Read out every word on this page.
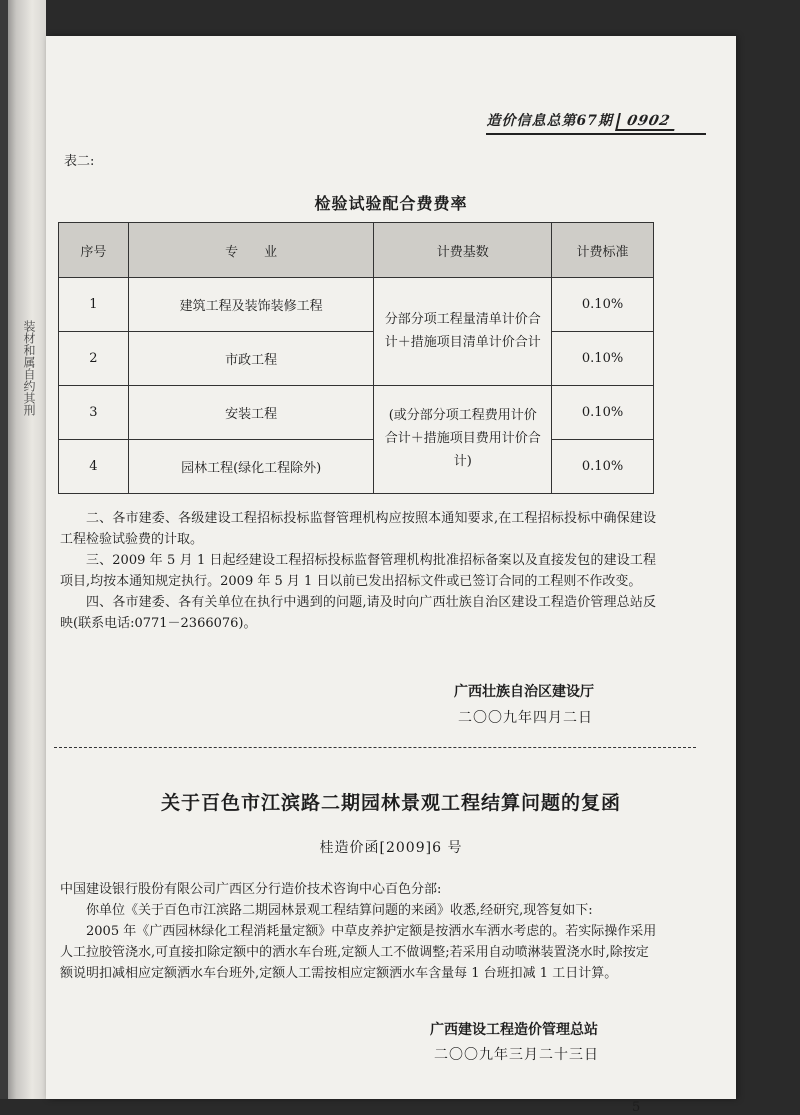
装材和属自约其刑
造价信息总第67期 0902
表二:
检验试验配合费费率
序号	专　　业	计费基数	计费标准
1	建筑工程及装饰装修工程	分部分项工程量清单计价合计＋措施项目清单计价合计	0.10%
2	市政工程		0.10%
3	安装工程	(或分部分项工程费用计价合计＋措施项目费用计价合计)	0.10%
4	园林工程(绿化工程除外)		0.10%
二、各市建委、各级建设工程招标投标监督管理机构应按照本通知要求,在工程招标投标中确保建设工程检验试验费的计取。
三、2009 年 5 月 1 日起经建设工程招标投标监督管理机构批准招标备案以及直接发包的建设工程项目,均按本通知规定执行。2009 年 5 月 1 日以前已发出招标文件或已签订合同的工程则不作改变。
四、各市建委、各有关单位在执行中遇到的问题,请及时向广西壮族自治区建设工程造价管理总站反映(联系电话:0771－2366076)。
广西壮族自治区建设厅
二〇〇九年四月二日
关于百色市江滨路二期园林景观工程结算问题的复函
桂造价函[2009]6 号
中国建设银行股份有限公司广西区分行造价技术咨询中心百色分部:
你单位《关于百色市江滨路二期园林景观工程结算问题的来函》收悉,经研究,现答复如下:
2005 年《广西园林绿化工程消耗量定额》中草皮养护定额是按洒水车洒水考虑的。若实际操作采用人工拉胶管浇水,可直接扣除定额中的洒水车台班,定额人工不做调整;若采用自动喷淋装置浇水时,除按定额说明扣减相应定额洒水车台班外,定额人工需按相应定额洒水车含量每 1 台班扣减 1 工日计算。
广西建设工程造价管理总站
二〇〇九年三月二十三日
5
